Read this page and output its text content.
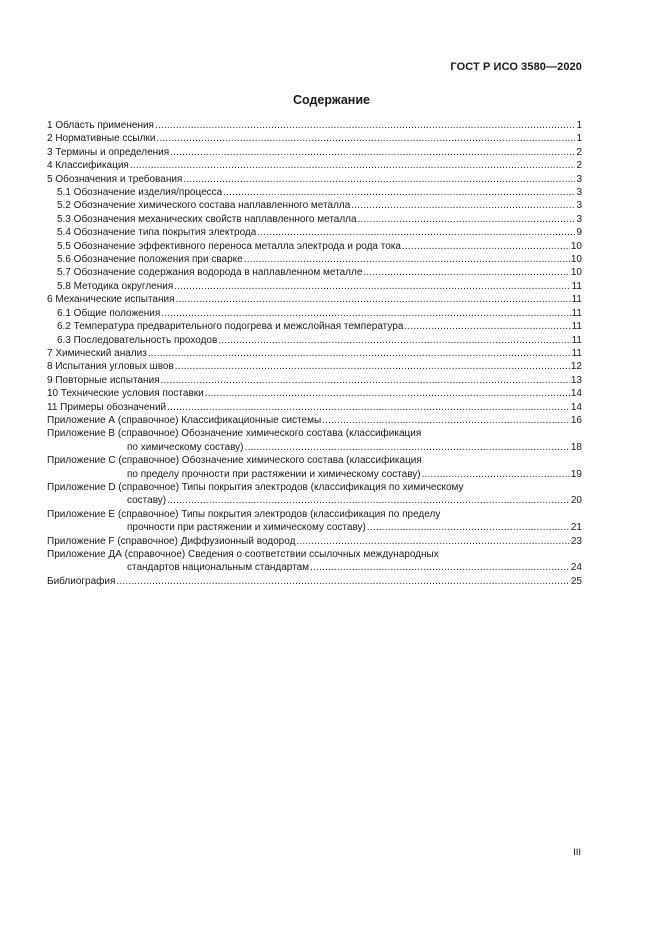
ГОСТ Р ИСО 3580—2020
Содержание
1 Область применения .....	1
2 Нормативные ссылки .....	1
3 Термины и определения .....	2
4 Классификация .....	2
5 Обозначения и требования .....	3
5.1 Обозначение изделия/процесса .....	3
5.2 Обозначение химического состава наплавленного металла .....	3
5.3 Обозначения механических свойств наплавленного металла .....	3
5.4 Обозначение типа покрытия электрода .....	9
5.5 Обозначение эффективного переноса металла электрода и рода тока .....	10
5.6 Обозначение положения при сварке .....	10
5.7 Обозначение содержания водорода в наплавленном металле .....	10
5.8 Методика округления .....	11
6 Механические испытания .....	11
6.1 Общие положения .....	11
6.2 Температура предварительного подогрева и межслойная температура .....	11
6.3 Последовательность проходов .....	11
7 Химический анализ .....	11
8 Испытания угловых швов .....	12
9 Повторные испытания .....	13
10 Технические условия поставки .....	14
11 Примеры обозначений .....	14
Приложение А (справочное) Классификационные системы .....	16
Приложение В (справочное) Обозначение химического состава (классификация
по химическому составу) .....	18
Приложение С (справочное) Обозначение химического состава (классификация
по пределу прочности при растяжении и химическому составу) .....	19
Приложение D (справочное) Типы покрытия электродов (классификация по химическому
составу) .....	20
Приложение Е (справочное) Типы покрытия электродов (классификация по пределу
прочности при растяжении и химическому составу) .....	21
Приложение F (справочное) Диффузионный водород .....	23
Приложение ДА (справочное) Сведения о соответствии ссылочных международных
стандартов национальным стандартам .....	24
Библиография .....	25
III
